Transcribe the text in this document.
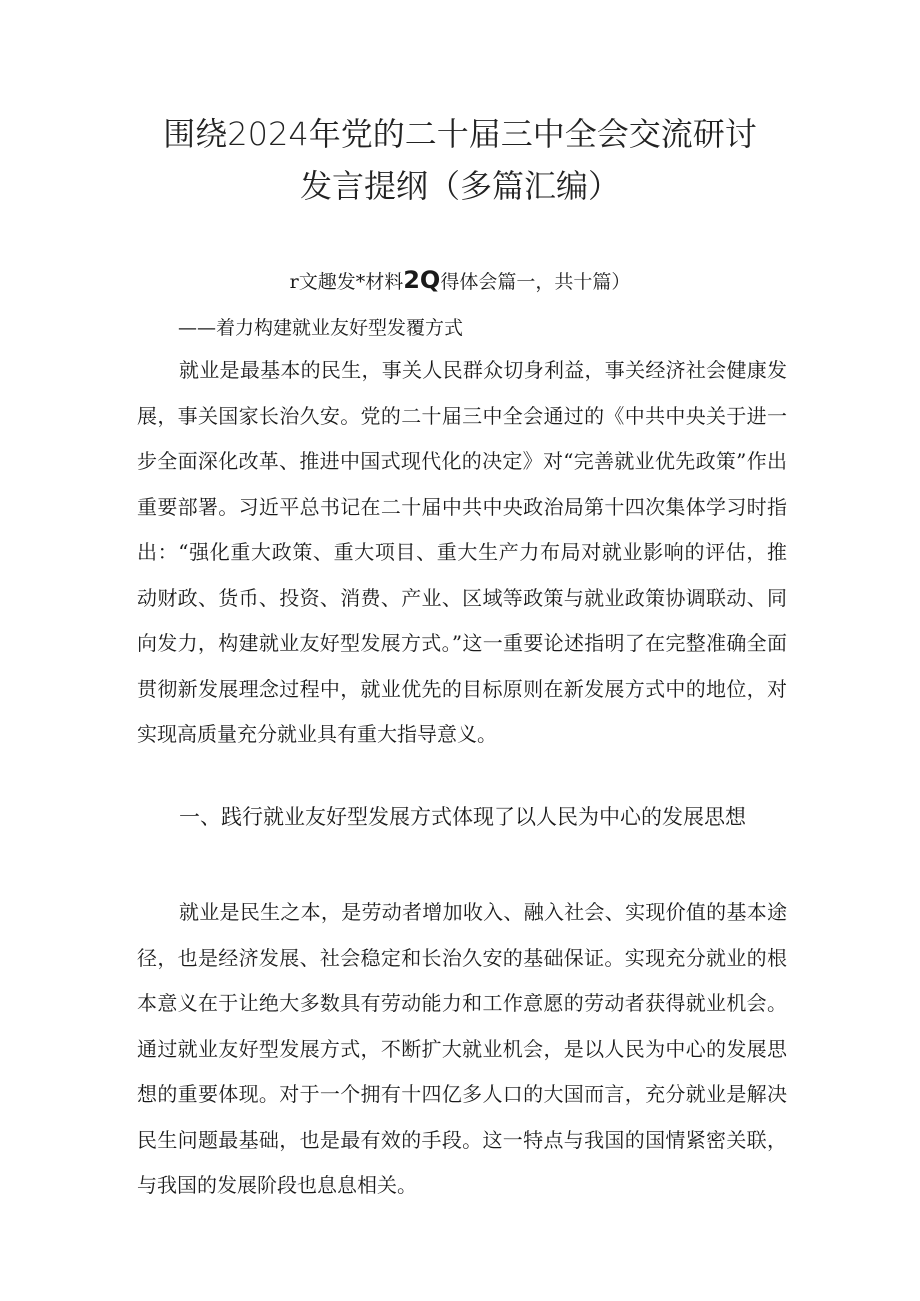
围绕2024年党的二十届三中全会交流研讨
发言提纲（多篇汇编）
r文趣发*材料2Q得体会篇一，共十篇）
——着力构建就业友好型发覆方式

就业是最基本的民生，事关人民群众切身利益，事关经济社会健康发展，事关国家长治久安。党的二十届三中全会通过的《中共中央关于进一步全面深化改革、推进中国式现代化的决定》对“完善就业优先政策”作出重要部署。习近平总书记在二十届中共中央政治局第十四次集体学习时指出：“强化重大政策、重大项目、重大生产力布局对就业影响的评估，推动财政、货币、投资、消费、产业、区域等政策与就业政策协调联动、同向发力，构建就业友好型发展方式。”这一重要论述指明了在完整准确全面贯彻新发展理念过程中，就业优先的目标原则在新发展方式中的地位，对实现高质量充分就业具有重大指导意义。

一、践行就业友好型发展方式体现了以人民为中心的发展思想

就业是民生之本，是劳动者增加收入、融入社会、实现价值的基本途径，也是经济发展、社会稳定和长治久安的基础保证。实现充分就业的根本意义在于让绝大多数具有劳动能力和工作意愿的劳动者获得就业机会。通过就业友好型发展方式，不断扩大就业机会，是以人民为中心的发展思想的重要体现。对于一个拥有十四亿多人口的大国而言，充分就业是解决民生问题最基础，也是最有效的手段。这一特点与我国的国情紧密关联，与我国的发展阶段也息息相关。
